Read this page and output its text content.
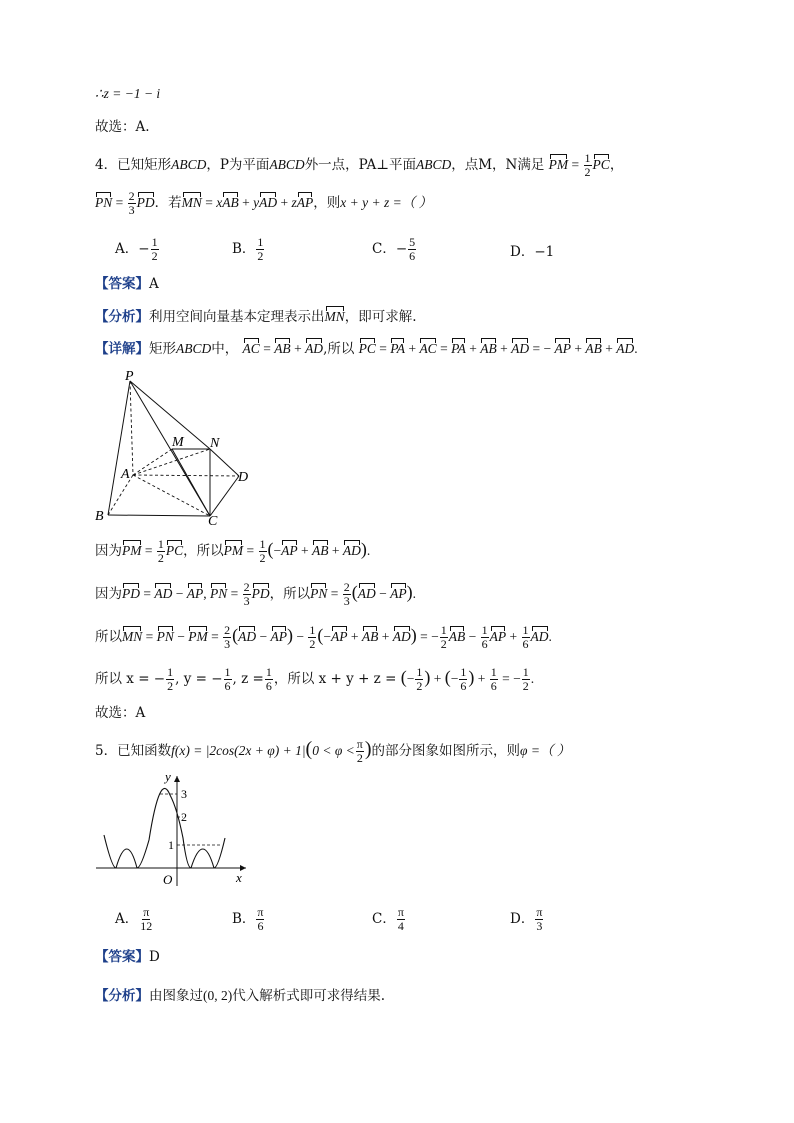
∴z = −1 − i
故选：A.
4．已知矩形ABCD，P为平面ABCD外一点，PA⊥平面ABCD，点M，N满足 PM = $\frac{1}{2}$ PC，
PN = $\frac{2}{3}$ PD．若MN = xAB + yAD + zAP，则x + y + z =（ ）
A．− $\frac{1}{2}$	B． $\frac{1}{2}$	C．− $\frac{5}{6}$	D．−1
【答案】A
【分析】利用空间向量基本定理表示出MN，即可求解.
【详解】矩形ABCD中， AC = AB + AD,所以 PC = PA + AC = PA + AB + AD = − AP + AB + AD.
P
M N
A	D
B	C
因为PM = $\frac{1}{2}$ PC，所以PM = $\frac{1}{2} (-AP$ + AB + AD).
因为PD = AD − AP, PN = $\frac{2}{3}$ PD，所以PN = $\frac{2}{3} (AD - AP)$.
所以MN = PN − PM = $\frac{2}{3} (AD - AP) - \frac{1}{2} (-AP$ + AB + AD) = − $\frac{1}{2}$ AB − $\frac{1}{6}$ AP + $\frac{1}{6}$ AD.
所以 x = − $\frac{1}{2}$ , y = − $\frac{1}{6}$ , $z = \frac{1}{6}$ ，所以 x + y + z = (− $\frac{1}{2}$ ) + (− $\frac{1}{6}$ ) + $\frac{1}{6}$ = − $\frac{1}{2}$ .
故选：A
5．已知函数$f(x) = |2\cos(2x + \varphi) + 1|(0 < \varphi < \frac{\pi}{2}$ )的部分图象如图所示，则φ =（ ）
y
3
2
1
O	x
A． $\frac{\pi}{12}$	B． $\frac{\pi}{6}$	C． $\frac{\pi}{4}$	D． $\frac{\pi}{3}$
【答案】D
【分析】由图象过(0, 2)代入解析式即可求得结果.
